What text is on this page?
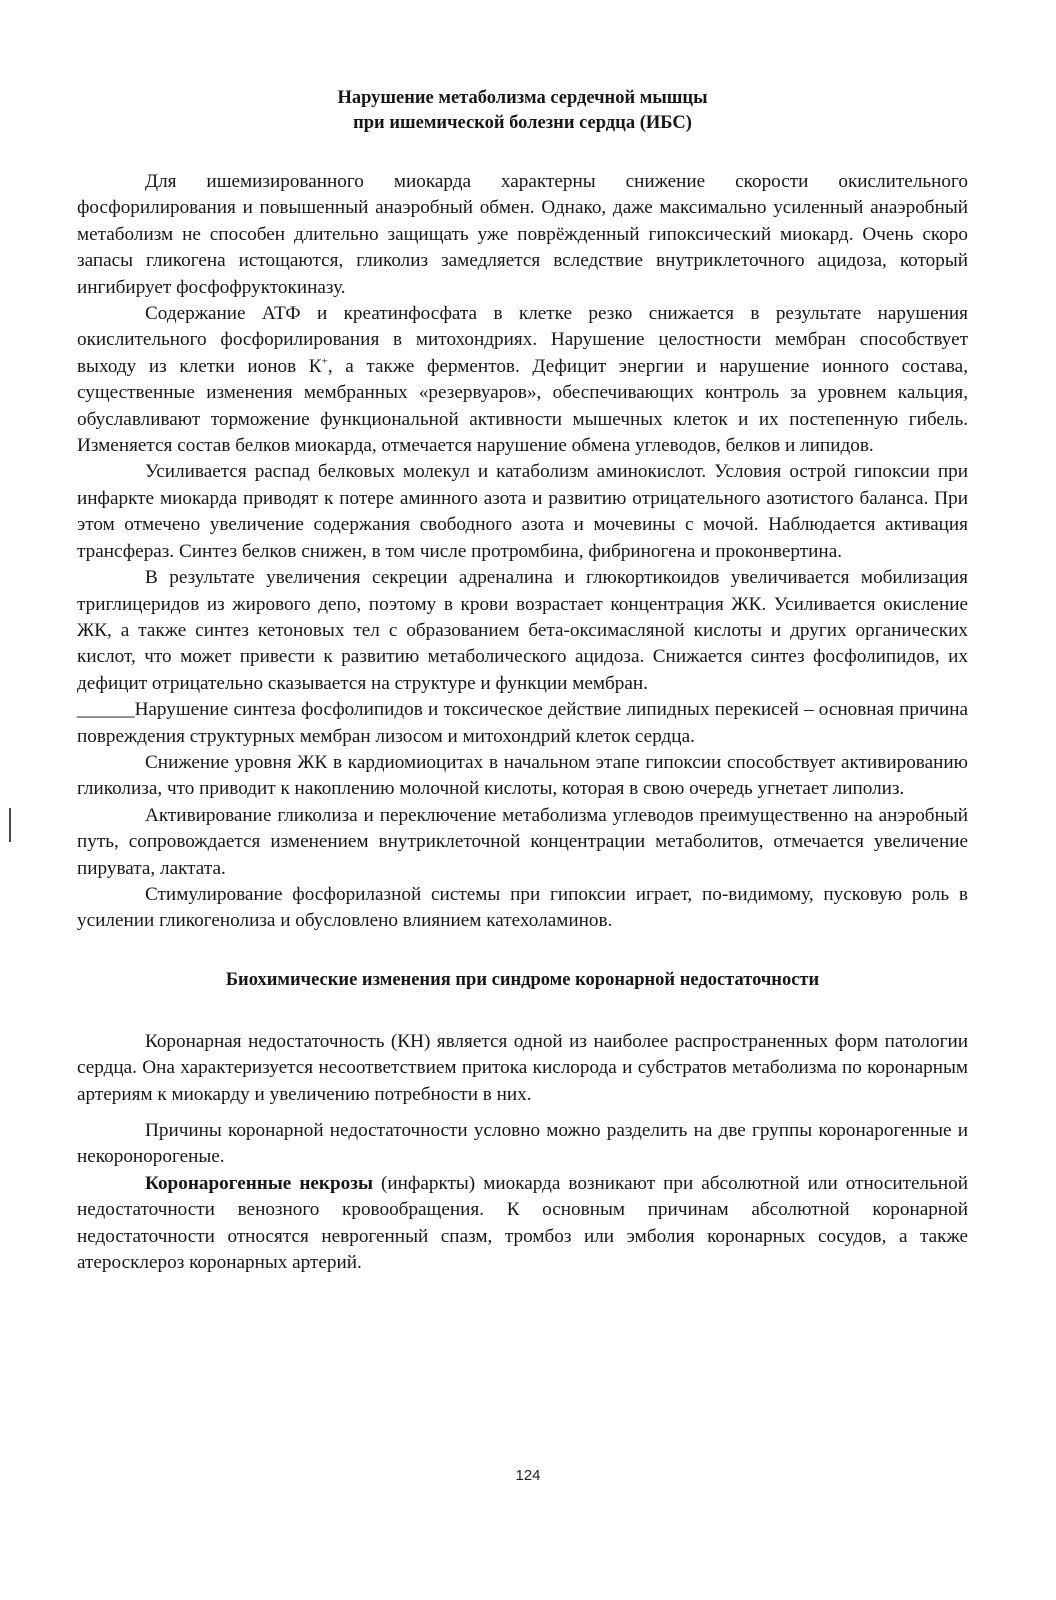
Нарушение метаболизма сердечной мышцы
при ишемической болезни сердца (ИБС)

Для ишемизированного миокарда характерны снижение скорости окислительного фосфорилирования и повышенный анаэробный обмен. Однако, даже максимально усиленный анаэробный метаболизм не способен длительно защищать уже поврёжденный гипоксический миокард. Очень скоро запасы гликогена истощаются, гликолиз замедляется вследствие внутриклеточного ацидоза, который ингибирует фосфофруктокиназу.

Содержание АТФ и креатинфосфата в клетке резко снижается в результате нарушения окислительного фосфорилирования в митохондриях. Нарушение целостности мембран способствует выходу из клетки ионов К+, а также ферментов. Дефицит энергии и нарушение ионного состава, существенные изменения мембранных «резервуаров», обеспечивающих контроль за уровнем кальция, обуславливают торможение функциональной активности мышечных клеток и их постепенную гибель. Изменяется состав белков миокарда, отмечается нарушение обмена углеводов, белков и липидов.

Усиливается распад белковых молекул и катаболизм аминокислот. Условия острой гипоксии при инфаркте миокарда приводят к потере аминного азота и развитию отрицательного азотистого баланса. При этом отмечено увеличение содержания свободного азота и мочевины с мочой. Наблюдается активация трансфераз. Синтез белков снижен, в том числе протромбина, фибриногена и проконвертина.

В результате увеличения секреции адреналина и глюкортикоидов увеличивается мобилизация триглицеридов из жирового депо, поэтому в крови возрастает концентрация ЖК. Усиливается окисление ЖК, а также синтез кетоновых тел с образованием бета-оксимасляной кислоты и других органических кислот, что может привести к развитию метаболического ацидоза. Снижается синтез фосфолипидов, их дефицит отрицательно сказывается на структуре и функции мембран.

______Нарушение синтеза фосфолипидов и токсическое действие липидных перекисей – основная причина повреждения структурных мембран лизосом и митохондрий клеток сердца.

Снижение уровня ЖК в кардиомиоцитах в начальном этапе гипоксии способствует активированию гликолиза, что приводит к накоплению молочной кислоты, которая в свою очередь угнетает липолиз.

Активирование гликолиза и переключение метаболизма углеводов преимущественно на анэробный путь, сопровождается изменением внутриклеточной концентрации метаболитов, отмечается увеличение пирувата, лактата.

Стимулирование фосфорилазной системы при гипоксии играет, по-видимому, пусковую роль в усилении гликогенолиза и обусловлено влиянием катехоламинов.

Биохимические изменения при синдроме коронарной недостаточности

Коронарная недостаточность (КН) является одной из наиболее распространенных форм патологии сердца. Она характеризуется несоответствием притока кислорода и субстратов метаболизма по коронарным артериям к миокарду и увеличению потребности в них.

Причины коронарной недостаточности условно можно разделить на две группы коронарогенные и некоронорогеные.

Коронарогенные некрозы (инфаркты) миокарда возникают при абсолютной или относительной недостаточности венозного кровообращения. К основным причинам абсолютной коронарной недостаточности относятся неврогенный спазм, тромбоз или эмболия коронарных сосудов, а также атеросклероз коронарных артерий.

124
